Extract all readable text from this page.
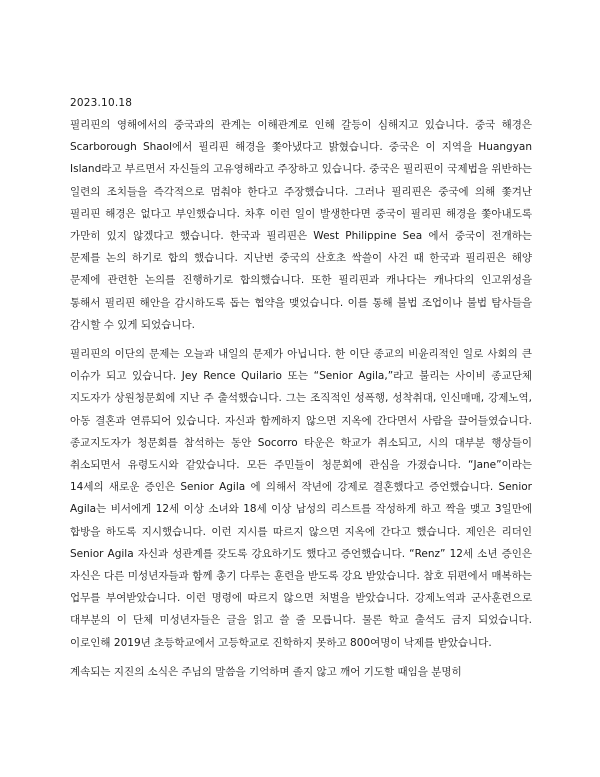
2023.10.18

필리핀의 영해에서의 중국과의 관계는 이해관계로 인해 갈등이 심해지고 있습니다. 중국 해경은 Scarborough Shaol에서 필리핀 해경을 쫓아냈다고 밝혔습니다. 중국은 이 지역을 Huangyan Island라고 부르면서 자신들의 고유영해라고 주장하고 있습니다. 중국은 필리핀이 국제법을 위반하는 일련의 조치들을 즉각적으로 멈춰야 한다고 주장했습니다. 그러나 필리핀은 중국에 의해 쫓겨난 필리핀 해경은 없다고 부인했습니다. 차후 이런 일이 발생한다면 중국이 필리핀 해경을 쫓아내도록 가만히 있지 않겠다고 했습니다. 한국과 필리핀은 West Philippine Sea 에서 중국이 전개하는 문제를 논의 하기로 합의 했습니다. 지난번 중국의 산호초 싹쓸이 사건 때 한국과 필리핀은 해양 문제에 관련한 논의를 진행하기로 합의했습니다. 또한 필리핀과 캐나다는 캐나다의 인고위성을 통해서 필리핀 해안을 감시하도록 돕는 협약을 맺었습니다. 이를 통해 불법 조업이나 불법 탐사들을 감시할 수 있게 되었습니다.

필리핀의 이단의 문제는 오늘과 내일의 문제가 아닙니다. 한 이단 종교의 비윤리적인 일로 사회의 큰 이슈가 되고 있습니다. Jey Rence Quilario 또는 “Senior Agila,”라고 불리는 사이비 종교단체 지도자가 상원청문회에 지난 주 출석했습니다. 그는 조직적인 성폭행, 성착취대, 인신매매, 강제노역, 아동 결혼과 연류되어 있습니다. 자신과 함께하지 않으면 지옥에 간다면서 사람을 끌어들였습니다. 종교지도자가 청문회를 참석하는 동안 Socorro 타운은 학교가 취소되고, 시의 대부분 행상들이 취소되면서 유령도시와 같았습니다. 모든 주민들이 청문회에 관심을 가졌습니다. “Jane”이라는 14세의 새로운 증인은 Senior Agila 에 의해서 작년에 강제로 결혼했다고 증언했습니다. Senior Agila는 비서에게 12세 이상 소녀와 18세 이상 남성의 리스트를 작성하게 하고 짝을 맺고 3일만에 합방을 하도록 지시했습니다. 이런 지시를 따르지 않으면 지옥에 간다고 했습니다. 제인은 리더인 Senior Agila 자신과 성관계를 갖도록 강요하기도 했다고 증언했습니다. “Renz” 12세 소년 증인은 자신은 다른 미성년자들과 함께 총기 다루는 훈련을 받도록 강요 받았습니다. 참호 뒤편에서 매복하는 업무를 부여받았습니다. 이런 명령에 따르지 않으면 처벌을 받았습니다. 강제노역과 군사훈련으로 대부분의 이 단체 미성년자들은 글을 읽고 쓸 줄 모릅니다. 물론 학교 출석도 금지 되었습니다. 이로인해 2019년 초등학교에서 고등학교로 진학하지 못하고 800여명이 낙제를 받았습니다.

계속되는 지진의 소식은 주님의 말씀을 기억하며 졸지 않고 깨어 기도할 때임을 분명히
